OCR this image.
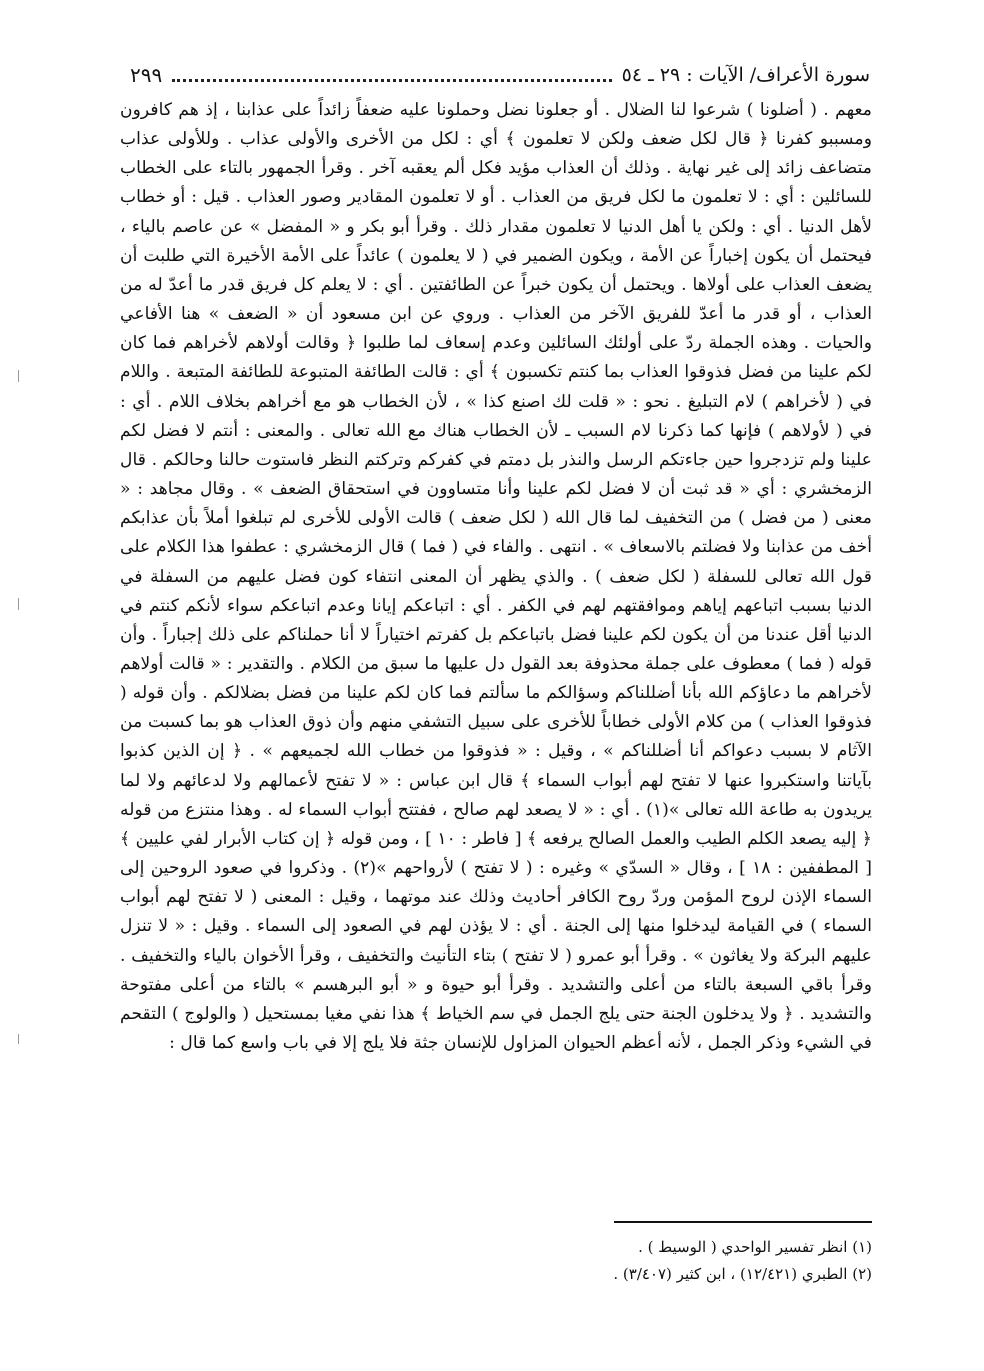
سورة الأعراف/ الآيات : ٢٩ ـ ٥٤
٢٩٩

معهم . ( أضلونا ) شرعوا لنا الضلال . أو جعلونا نضل وحملونا عليه ضعفاً زائداً على عذابنا ، إذ هم كافرون ومسببو كفرنا ﴿ قال لكل ضعف ولكن لا تعلمون ﴾ أي : لكل من الأخرى والأولى عذاب . وللأولى عذاب متضاعف زائد إلى غير نهاية . وذلك أن العذاب مؤيد فكل ألم يعقبه آخر . وقرأ الجمهور بالتاء على الخطاب للسائلين : أي : لا تعلمون ما لكل فريق من العذاب . أو لا تعلمون المقادير وصور العذاب . قيل : أو خطاب لأهل الدنيا . أي : ولكن يا أهل الدنيا لا تعلمون مقدار ذلك . وقرأ أبو بكر و « المفضل » عن عاصم بالياء ، فيحتمل أن يكون إخباراً عن الأمة ، ويكون الضمير في ( لا يعلمون ) عائداً على الأمة الأخيرة التي طلبت أن يضعف العذاب على أولاها . ويحتمل أن يكون خبراً عن الطائفتين . أي : لا يعلم كل فريق قدر ما أعدّ له من العذاب ، أو قدر ما أعدّ للفريق الآخر من العذاب . وروي عن ابن مسعود أن « الضعف » هنا الأفاعي والحيات . وهذه الجملة ردّ على أولئك السائلين وعدم إسعاف لما طلبوا ﴿ وقالت أولاهم لأخراهم فما كان لكم علينا من فضل فذوقوا العذاب بما كنتم تكسبون ﴾ أي : قالت الطائفة المتبوعة للطائفة المتبعة . واللام في ( لأخراهم ) لام التبليغ . نحو : « قلت لك اصنع كذا » ، لأن الخطاب هو مع أخراهم بخلاف اللام . أي : في ( لأولاهم ) فإنها كما ذكرنا لام السبب ـ لأن الخطاب هناك مع الله تعالى . والمعنى : أنتم لا فضل لكم علينا ولم تزدجروا حين جاءتكم الرسل والنذر بل دمتم في كفركم وتركتم النظر فاستوت حالنا وحالكم . قال الزمخشري : أي « قد ثبت أن لا فضل لكم علينا وأنا متساوون في استحقاق الضعف » . وقال مجاهد : « معنى ( من فضل ) من التخفيف لما قال الله ( لكل ضعف ) قالت الأولى للأخرى لم تبلغوا أملاً بأن عذابكم أخف من عذابنا ولا فضلتم بالاسعاف » . انتهى . والفاء في ( فما ) قال الزمخشري : عطفوا هذا الكلام على قول الله تعالى للسفلة ( لكل ضعف ) . والذي يظهر أن المعنى انتفاء كون فضل عليهم من السفلة في الدنيا بسبب اتباعهم إياهم وموافقتهم لهم في الكفر . أي : اتباعكم إيانا وعدم اتباعكم سواء لأنكم كنتم في الدنيا أقل عندنا من أن يكون لكم علينا فضل باتباعكم بل كفرتم اختياراً لا أنا حملناكم على ذلك إجباراً . وأن قوله ( فما ) معطوف على جملة محذوفة بعد القول دل عليها ما سبق من الكلام . والتقدير : « قالت أولاهم لأخراهم ما دعاؤكم الله بأنا أضللناكم وسؤالكم ما سألتم فما كان لكم علينا من فضل بضلالكم . وأن قوله ( فذوقوا العذاب ) من كلام الأولى خطاباً للأخرى على سبيل التشفي منهم وأن ذوق العذاب هو بما كسبت من الآثام لا بسبب دعواكم أنا أضللناكم » ، وقيل : « فذوقوا من خطاب الله لجميعهم » . ﴿ إن الذين كذبوا بآياتنا واستكبروا عنها لا تفتح لهم أبواب السماء ﴾ قال ابن عباس : « لا تفتح لأعمالهم ولا لدعائهم ولا لما يريدون به طاعة الله تعالى »(١) . أي : « لا يصعد لهم صالح ، ففتتح أبواب السماء له . وهذا منتزع من قوله ﴿ إليه يصعد الكلم الطيب والعمل الصالح يرفعه ﴾ [ فاطر : ١٠ ] ، ومن قوله ﴿ إن كتاب الأبرار لفي عليين ﴾ [ المطففين : ١٨ ] ، وقال « السدّي » وغيره : ( لا تفتح ) لأرواحهم »(٢) . وذكروا في صعود الروحين إلى السماء الإذن لروح المؤمن وردّ روح الكافر أحاديث وذلك عند موتهما ، وقيل : المعنى ( لا تفتح لهم أبواب السماء ) في القيامة ليدخلوا منها إلى الجنة . أي : لا يؤذن لهم في الصعود إلى السماء . وقيل : « لا تنزل عليهم البركة ولا يغاثون » . وقرأ أبو عمرو ( لا تفتح ) بتاء التأنيث والتخفيف ، وقرأ الأخوان بالياء والتخفيف . وقرأ باقي السبعة بالتاء من أعلى والتشديد . وقرأ أبو حيوة و « أبو البرهسم » بالتاء من أعلى مفتوحة والتشديد . ﴿ ولا يدخلون الجنة حتى يلج الجمل في سم الخياط ﴾ هذا نفي مغيا بمستحيل ( والولوج ) التقحم في الشيء وذكر الجمل ، لأنه أعظم الحيوان المزاول للإنسان جثة فلا يلج إلا في باب واسع كما قال :

(١) انظر تفسير الواحدي ( الوسيط ) .
(٢) الطبري (١٢/٤٢١) ، ابن كثير (٣/٤٠٧) .
